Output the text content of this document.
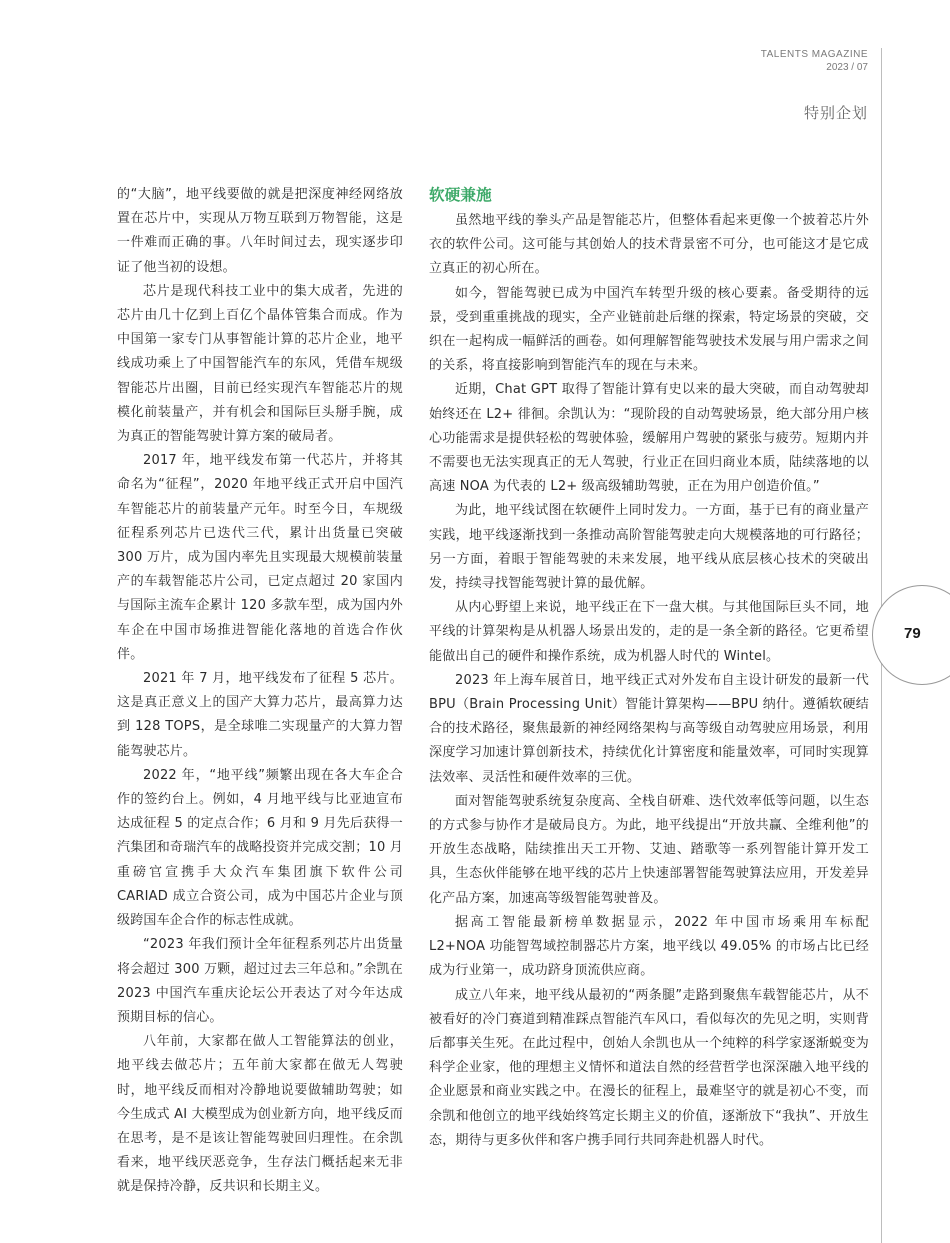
TALENTS MAGAZINE
2023 / 07
特别企划
79

的“大脑”，地平线要做的就是把深度神经网络放置在芯片中，实现从万物互联到万物智能，这是一件难而正确的事。八年时间过去，现实逐步印证了他当初的设想。

芯片是现代科技工业中的集大成者，先进的芯片由几十亿到上百亿个晶体管集合而成。作为中国第一家专门从事智能计算的芯片企业，地平线成功乘上了中国智能汽车的东风，凭借车规级智能芯片出圈，目前已经实现汽车智能芯片的规模化前装量产，并有机会和国际巨头掰手腕，成为真正的智能驾驶计算方案的破局者。

2017 年，地平线发布第一代芯片，并将其命名为“征程”，2020 年地平线正式开启中国汽车智能芯片的前装量产元年。时至今日，车规级征程系列芯片已迭代三代，累计出货量已突破 300 万片，成为国内率先且实现最大规模前装量产的车载智能芯片公司，已定点超过 20 家国内与国际主流车企累计 120 多款车型，成为国内外车企在中国市场推进智能化落地的首选合作伙伴。

2021 年 7 月，地平线发布了征程 5 芯片。这是真正意义上的国产大算力芯片，最高算力达到 128 TOPS，是全球唯二实现量产的大算力智能驾驶芯片。

2022 年，“地平线”频繁出现在各大车企合作的签约台上。例如，4 月地平线与比亚迪宣布达成征程 5 的定点合作；6 月和 9 月先后获得一汽集团和奇瑞汽车的战略投资并完成交割；10 月重磅官宣携手大众汽车集团旗下软件公司 CARIAD 成立合资公司，成为中国芯片企业与顶级跨国车企合作的标志性成就。

“2023 年我们预计全年征程系列芯片出货量将会超过 300 万颗，超过过去三年总和。”余凯在 2023 中国汽车重庆论坛公开表达了对今年达成预期目标的信心。

八年前，大家都在做人工智能算法的创业，地平线去做芯片；五年前大家都在做无人驾驶时，地平线反而相对冷静地说要做辅助驾驶；如今生成式 AI 大模型成为创业新方向，地平线反而在思考，是不是该让智能驾驶回归理性。在余凯看来，地平线厌恶竞争，生存法门概括起来无非就是保持冷静，反共识和长期主义。

软硬兼施

虽然地平线的拳头产品是智能芯片，但整体看起来更像一个披着芯片外衣的软件公司。这可能与其创始人的技术背景密不可分，也可能这才是它成立真正的初心所在。

如今，智能驾驶已成为中国汽车转型升级的核心要素。备受期待的远景，受到重重挑战的现实，全产业链前赴后继的探索，特定场景的突破，交织在一起构成一幅鲜活的画卷。如何理解智能驾驶技术发展与用户需求之间的关系，将直接影响到智能汽车的现在与未来。

近期，Chat GPT 取得了智能计算有史以来的最大突破，而自动驾驶却始终还在 L2+ 徘徊。余凯认为：“现阶段的自动驾驶场景，绝大部分用户核心功能需求是提供轻松的驾驶体验，缓解用户驾驶的紧张与疲劳。短期内并不需要也无法实现真正的无人驾驶，行业正在回归商业本质，陆续落地的以高速 NOA 为代表的 L2+ 级高级辅助驾驶，正在为用户创造价值。”

为此，地平线试图在软硬件上同时发力。一方面，基于已有的商业量产实践，地平线逐渐找到一条推动高阶智能驾驶走向大规模落地的可行路径；另一方面，着眼于智能驾驶的未来发展，地平线从底层核心技术的突破出发，持续寻找智能驾驶计算的最优解。

从内心野望上来说，地平线正在下一盘大棋。与其他国际巨头不同，地平线的计算架构是从机器人场景出发的，走的是一条全新的路径。它更希望能做出自己的硬件和操作系统，成为机器人时代的 Wintel。

2023 年上海车展首日，地平线正式对外发布自主设计研发的最新一代 BPU（Brain Processing Unit）智能计算架构——BPU 纳什。遵循软硬结合的技术路径，聚焦最新的神经网络架构与高等级自动驾驶应用场景，利用深度学习加速计算创新技术，持续优化计算密度和能量效率，可同时实现算法效率、灵活性和硬件效率的三优。

面对智能驾驶系统复杂度高、全栈自研难、迭代效率低等问题，以生态的方式参与协作才是破局良方。为此，地平线提出“开放共赢、全维利他”的开放生态战略，陆续推出天工开物、艾迪、踏歌等一系列智能计算开发工具，生态伙伴能够在地平线的芯片上快速部署智能驾驶算法应用，开发差异化产品方案，加速高等级智能驾驶普及。

据高工智能最新榜单数据显示，2022 年中国市场乘用车标配 L2+NOA 功能智驾域控制器芯片方案，地平线以 49.05% 的市场占比已经成为行业第一，成功跻身顶流供应商。

成立八年来，地平线从最初的“两条腿”走路到聚焦车载智能芯片，从不被看好的冷门赛道到精准踩点智能汽车风口，看似每次的先见之明，实则背后都事关生死。在此过程中，创始人余凯也从一个纯粹的科学家逐渐蜕变为科学企业家，他的理想主义情怀和道法自然的经营哲学也深深融入地平线的企业愿景和商业实践之中。在漫长的征程上，最难坚守的就是初心不变，而余凯和他创立的地平线始终笃定长期主义的价值，逐渐放下“我执”、开放生态，期待与更多伙伴和客户携手同行共同奔赴机器人时代。
